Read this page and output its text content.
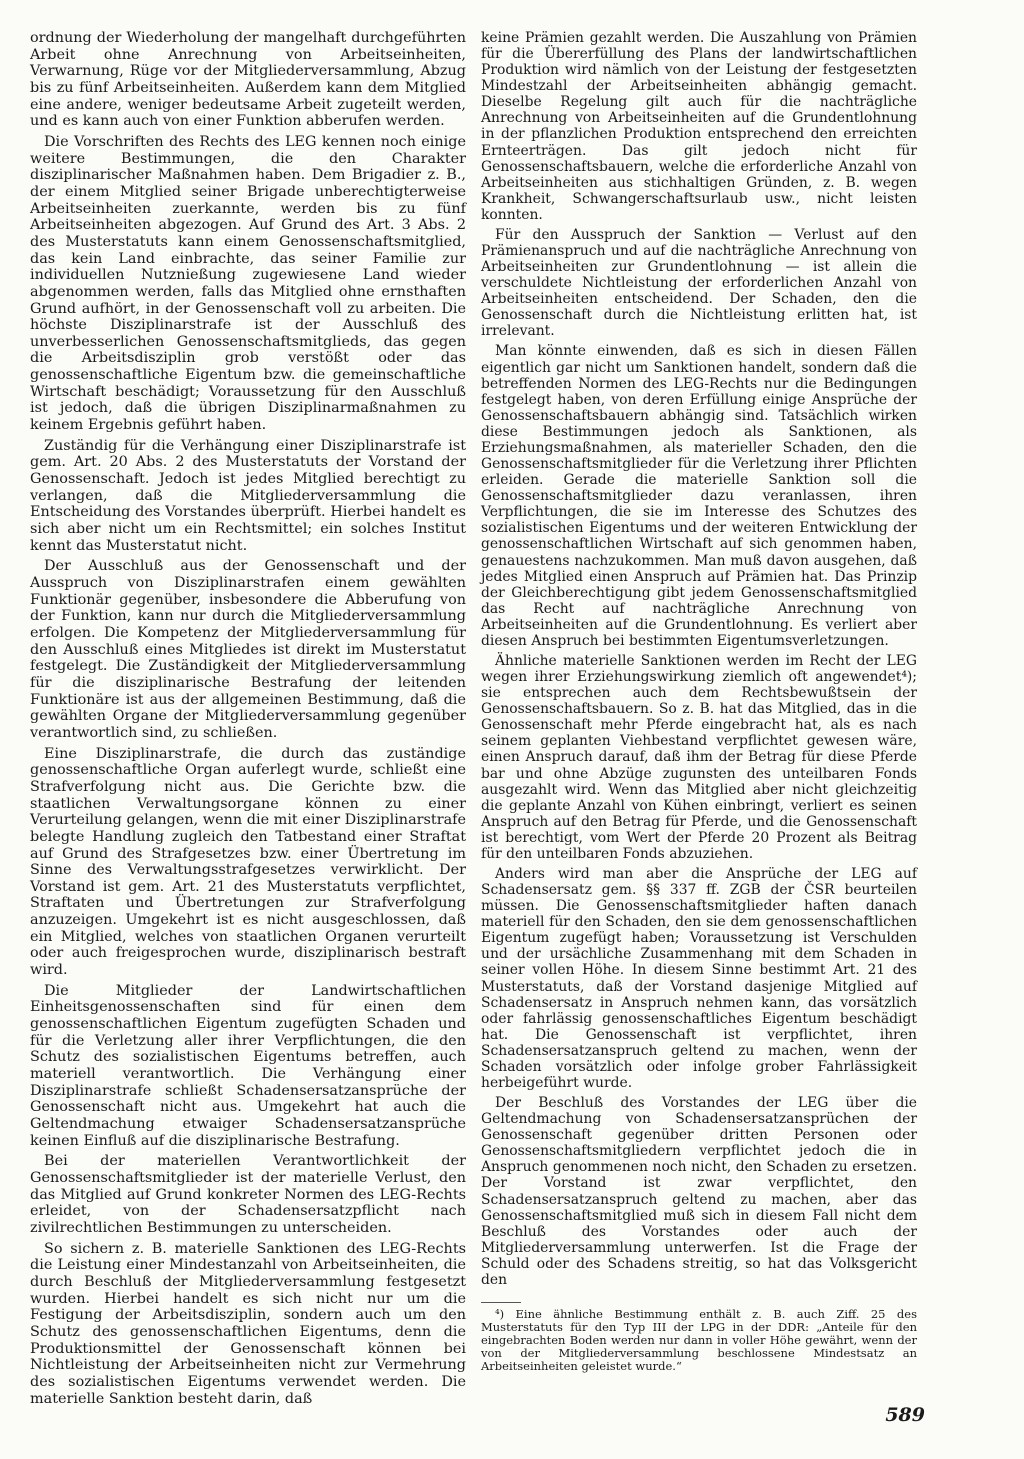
ordnung der Wiederholung der mangelhaft durchgeführten Arbeit ohne Anrechnung von Arbeitseinheiten, Verwarnung, Rüge vor der Mitgliederversammlung, Abzug bis zu fünf Arbeitseinheiten. Außerdem kann dem Mitglied eine andere, weniger bedeutsame Arbeit zugeteilt werden, und es kann auch von einer Funktion abberufen werden.

Die Vorschriften des Rechts des LEG kennen noch einige weitere Bestimmungen, die den Charakter disziplinarischer Maßnahmen haben. Dem Brigadier z. B., der einem Mitglied seiner Brigade unberechtigterweise Arbeitseinheiten zuerkannte, werden bis zu fünf Arbeitseinheiten abgezogen. Auf Grund des Art. 3 Abs. 2 des Musterstatuts kann einem Genossenschaftsmitglied, das kein Land einbrachte, das seiner Familie zur individuellen Nutznießung zugewiesene Land wieder abgenommen werden, falls das Mitglied ohne ernsthaften Grund aufhört, in der Genossenschaft voll zu arbeiten. Die höchste Disziplinarstrafe ist der Ausschluß des unverbesserlichen Genossenschaftsmitglieds, das gegen die Arbeitsdisziplin grob verstößt oder das genossenschaftliche Eigentum bzw. die gemeinschaftliche Wirtschaft beschädigt; Voraussetzung für den Ausschluß ist jedoch, daß die übrigen Disziplinarmaßnahmen zu keinem Ergebnis geführt haben.

Zuständig für die Verhängung einer Disziplinarstrafe ist gem. Art. 20 Abs. 2 des Musterstatuts der Vorstand der Genossenschaft. Jedoch ist jedes Mitglied berechtigt zu verlangen, daß die Mitgliederversammlung die Entscheidung des Vorstandes überprüft. Hierbei handelt es sich aber nicht um ein Rechtsmittel; ein solches Institut kennt das Musterstatut nicht.

Der Ausschluß aus der Genossenschaft und der Ausspruch von Disziplinarstrafen einem gewählten Funktionär gegenüber, insbesondere die Abberufung von der Funktion, kann nur durch die Mitgliederversammlung erfolgen. Die Kompetenz der Mitgliederversammlung für den Ausschluß eines Mitgliedes ist direkt im Musterstatut festgelegt. Die Zuständigkeit der Mitgliederversammlung für die disziplinarische Bestrafung der leitenden Funktionäre ist aus der allgemeinen Bestimmung, daß die gewählten Organe der Mitgliederversammlung gegenüber verantwortlich sind, zu schließen.

Eine Disziplinarstrafe, die durch das zuständige genossenschaftliche Organ auferlegt wurde, schließt eine Strafverfolgung nicht aus. Die Gerichte bzw. die staatlichen Verwaltungsorgane können zu einer Verurteilung gelangen, wenn die mit einer Disziplinarstrafe belegte Handlung zugleich den Tatbestand einer Straftat auf Grund des Strafgesetzes bzw. einer Übertretung im Sinne des Verwaltungsstrafgesetzes verwirklicht. Der Vorstand ist gem. Art. 21 des Musterstatuts verpflichtet, Straftaten und Übertretungen zur Strafverfolgung anzuzeigen. Umgekehrt ist es nicht ausgeschlossen, daß ein Mitglied, welches von staatlichen Organen verurteilt oder auch freigesprochen wurde, disziplinarisch bestraft wird.

Die Mitglieder der Landwirtschaftlichen Einheitsgenossenschaften sind für einen dem genossenschaftlichen Eigentum zugefügten Schaden und für die Verletzung aller ihrer Verpflichtungen, die den Schutz des sozialistischen Eigentums betreffen, auch materiell verantwortlich. Die Verhängung einer Disziplinarstrafe schließt Schadensersatzansprüche der Genossenschaft nicht aus. Umgekehrt hat auch die Geltendmachung etwaiger Schadensersatzansprüche keinen Einfluß auf die disziplinarische Bestrafung.

Bei der materiellen Verantwortlichkeit der Genossenschaftsmitglieder ist der materielle Verlust, den das Mitglied auf Grund konkreter Normen des LEG-Rechts erleidet, von der Schadensersatzpflicht nach zivilrechtlichen Bestimmungen zu unterscheiden.

So sichern z. B. materielle Sanktionen des LEG-Rechts die Leistung einer Mindestanzahl von Arbeitseinheiten, die durch Beschluß der Mitgliederversammlung festgesetzt wurden. Hierbei handelt es sich nicht nur um die Festigung der Arbeitsdisziplin, sondern auch um den Schutz des genossenschaftlichen Eigentums, denn die Produktionsmittel der Genossenschaft können bei Nichtleistung der Arbeitseinheiten nicht zur Vermehrung des sozialistischen Eigentums verwendet werden. Die materielle Sanktion besteht darin, daß

keine Prämien gezahlt werden. Die Auszahlung von Prämien für die Übererfüllung des Plans der landwirtschaftlichen Produktion wird nämlich von der Leistung der festgesetzten Mindestzahl der Arbeitseinheiten abhängig gemacht. Dieselbe Regelung gilt auch für die nachträgliche Anrechnung von Arbeitseinheiten auf die Grundentlohnung in der pflanzlichen Produktion entsprechend den erreichten Ernteerträgen. Das gilt jedoch nicht für Genossenschaftsbauern, welche die erforderliche Anzahl von Arbeitseinheiten aus stichhaltigen Gründen, z. B. wegen Krankheit, Schwangerschaftsurlaub usw., nicht leisten konnten.

Für den Ausspruch der Sanktion — Verlust auf den Prämienanspruch und auf die nachträgliche Anrechnung von Arbeitseinheiten zur Grundentlohnung — ist allein die verschuldete Nichtleistung der erforderlichen Anzahl von Arbeitseinheiten entscheidend. Der Schaden, den die Genossenschaft durch die Nichtleistung erlitten hat, ist irrelevant.

Man könnte einwenden, daß es sich in diesen Fällen eigentlich gar nicht um Sanktionen handelt, sondern daß die betreffenden Normen des LEG-Rechts nur die Bedingungen festgelegt haben, von deren Erfüllung einige Ansprüche der Genossenschaftsbauern abhängig sind. Tatsächlich wirken diese Bestimmungen jedoch als Sanktionen, als Erziehungsmaßnahmen, als materieller Schaden, den die Genossenschaftsmitglieder für die Verletzung ihrer Pflichten erleiden. Gerade die materielle Sanktion soll die Genossenschaftsmitglieder dazu veranlassen, ihren Verpflichtungen, die sie im Interesse des Schutzes des sozialistischen Eigentums und der weiteren Entwicklung der genossenschaftlichen Wirtschaft auf sich genommen haben, genauestens nachzukommen. Man muß davon ausgehen, daß jedes Mitglied einen Anspruch auf Prämien hat. Das Prinzip der Gleichberechtigung gibt jedem Genossenschaftsmitglied das Recht auf nachträgliche Anrechnung von Arbeitseinheiten auf die Grundentlohnung. Es verliert aber diesen Anspruch bei bestimmten Eigentumsverletzungen.

Ähnliche materielle Sanktionen werden im Recht der LEG wegen ihrer Erziehungswirkung ziemlich oft angewendet⁴); sie entsprechen auch dem Rechtsbewußtsein der Genossenschaftsbauern. So z. B. hat das Mitglied, das in die Genossenschaft mehr Pferde eingebracht hat, als es nach seinem geplanten Viehbestand verpflichtet gewesen wäre, einen Anspruch darauf, daß ihm der Betrag für diese Pferde bar und ohne Abzüge zugunsten des unteilbaren Fonds ausgezahlt wird. Wenn das Mitglied aber nicht gleichzeitig die geplante Anzahl von Kühen einbringt, verliert es seinen Anspruch auf den Betrag für Pferde, und die Genossenschaft ist berechtigt, vom Wert der Pferde 20 Prozent als Beitrag für den unteilbaren Fonds abzuziehen.

Anders wird man aber die Ansprüche der LEG auf Schadensersatz gem. §§ 337 ff. ZGB der ČSR beurteilen müssen. Die Genossenschaftsmitglieder haften danach materiell für den Schaden, den sie dem genossenschaftlichen Eigentum zugefügt haben; Voraussetzung ist Verschulden und der ursächliche Zusammenhang mit dem Schaden in seiner vollen Höhe. In diesem Sinne bestimmt Art. 21 des Musterstatuts, daß der Vorstand dasjenige Mitglied auf Schadensersatz in Anspruch nehmen kann, das vorsätzlich oder fahrlässig genossenschaftliches Eigentum beschädigt hat. Die Genossenschaft ist verpflichtet, ihren Schadensersatzanspruch geltend zu machen, wenn der Schaden vorsätzlich oder infolge grober Fahrlässigkeit herbeigeführt wurde.

Der Beschluß des Vorstandes der LEG über die Geltendmachung von Schadensersatzansprüchen der Genossenschaft gegenüber dritten Personen oder Genossenschaftsmitgliedern verpflichtet jedoch die in Anspruch genommenen noch nicht, den Schaden zu ersetzen. Der Vorstand ist zwar verpflichtet, den Schadensersatzanspruch geltend zu machen, aber das Genossenschaftsmitglied muß sich in diesem Fall nicht dem Beschluß des Vorstandes oder auch der Mitgliederversammlung unterwerfen. Ist die Frage der Schuld oder des Schadens streitig, so hat das Volksgericht den

⁴) Eine ähnliche Bestimmung enthält z. B. auch Ziff. 25 des Musterstatuts für den Typ III der LPG in der DDR: „Anteile für den eingebrachten Boden werden nur dann in voller Höhe gewährt, wenn der von der Mitgliederversammlung beschlossene Mindestsatz an Arbeitseinheiten geleistet wurde.“

589
